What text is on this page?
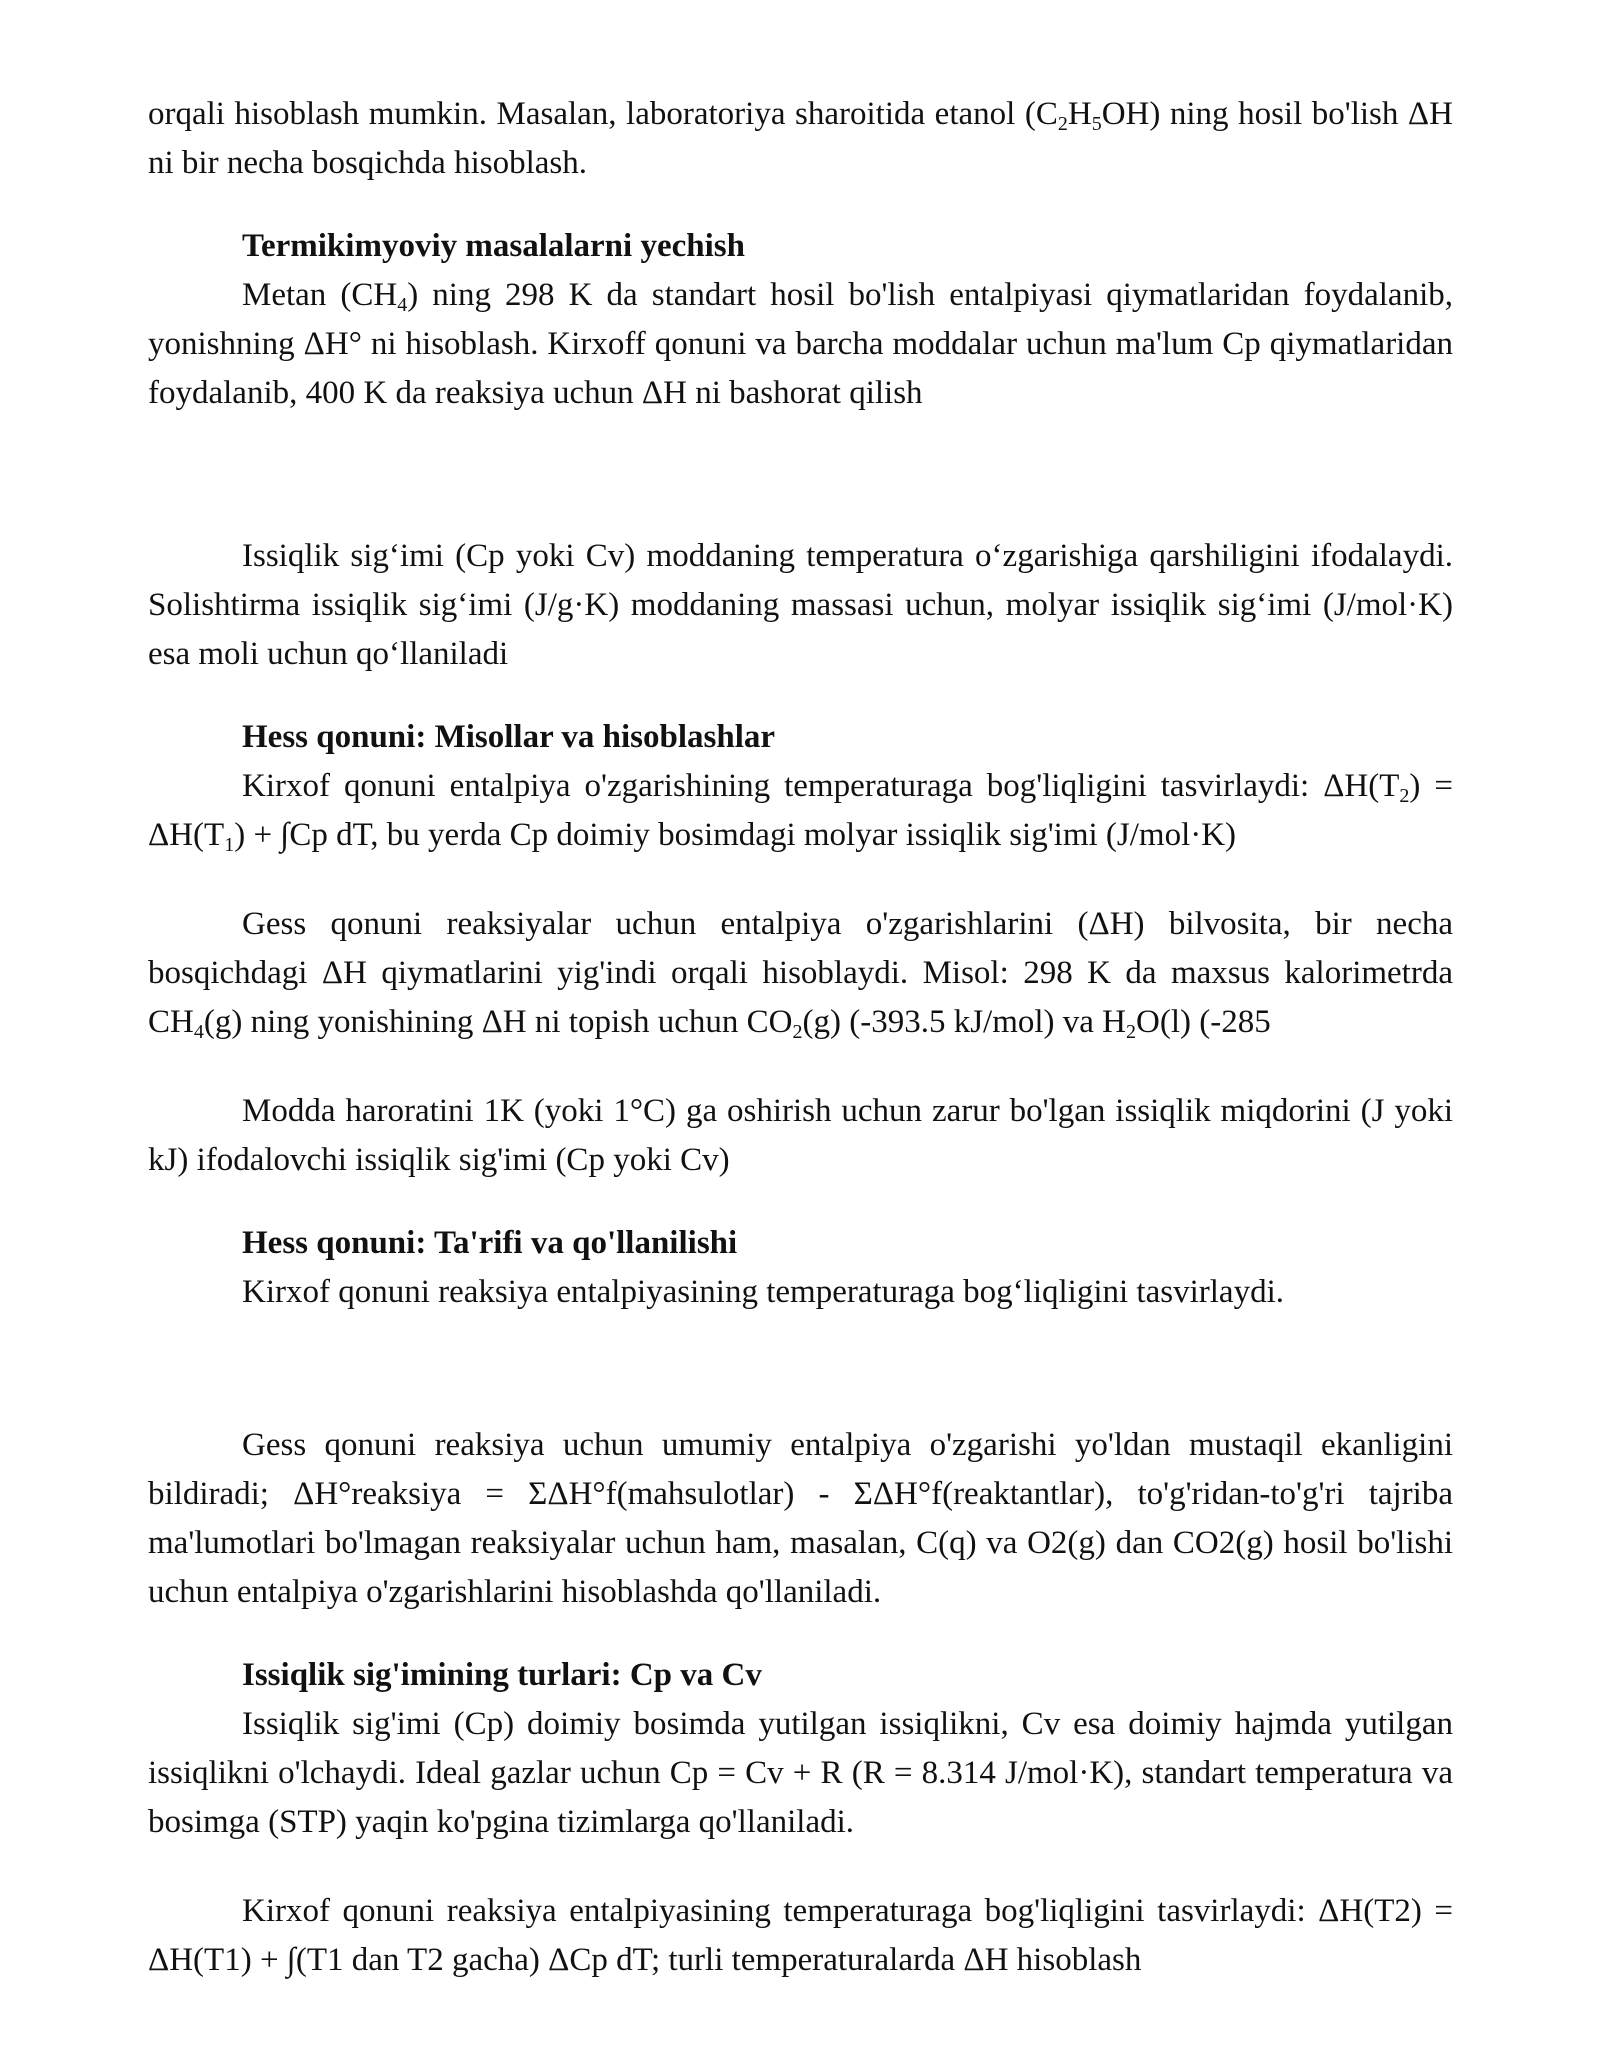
orqali hisoblash mumkin. Masalan, laboratoriya sharoitida etanol $(C_2H_5OH)$ ning hosil bo'lish ΔH ni bir necha bosqichda hisoblash.

Termikimyoviy masalalarni yechish

Metan $(CH_4)$ ning 298 K da standart hosil bo'lish entalpiyasi qiymatlaridan foydalanib, yonishning ΔH° ni hisoblash. Kirxoff qonuni va barcha moddalar uchun ma'lum Cp qiymatlaridan foydalanib, 400 K da reaksiya uchun ΔH ni bashorat qilish

Issiqlik sig‘imi (Cp yoki Cv) moddaning temperatura o‘zgarishiga qarshiligini ifodalaydi. Solishtirma issiqlik sig‘imi (J/g·K) moddaning massasi uchun, molyar issiqlik sig‘imi (J/mol·K) esa moli uchun qo‘llaniladi

Hess qonuni: Misollar va hisoblashlar

Kirxof qonuni entalpiya o'zgarishining temperaturaga bog'liqligini tasvirlaydi: $\Delta H(T_2) = \Delta H(T_1) + \int Cp$ dT, bu yerda Cp doimiy bosimdagi molyar issiqlik sig'imi (J/mol·K)

Gess qonuni reaksiyalar uchun entalpiya o'zgarishlarini (ΔH) bilvosita, bir necha bosqichdagi ΔH qiymatlarini yig'indi orqali hisoblaydi. Misol: 298 K da maxsus kalorimetrda $CH_4(g)$ ning yonishining ΔH ni topish uchun $CO_2(g)$ (-393.5 kJ/mol) va $H_2O(l)$ (-285

Modda haroratini 1K (yoki 1°C) ga oshirish uchun zarur bo'lgan issiqlik miqdorini (J yoki kJ) ifodalovchi issiqlik sig'imi (Cp yoki Cv)

Hess qonuni: Ta'rifi va qo'llanilishi

Kirxof qonuni reaksiya entalpiyasining temperaturaga bog‘liqligini tasvirlaydi.

Gess qonuni reaksiya uchun umumiy entalpiya o'zgarishi yo'ldan mustaqil ekanligini bildiradi; ΔH°reaksiya = ΣΔH°f(mahsulotlar) - ΣΔH°f(reaktantlar), to'g'ridan-to'g'ri tajriba ma'lumotlari bo'lmagan reaksiyalar uchun ham, masalan, C(q) va O2(g) dan CO2(g) hosil bo'lishi uchun entalpiya o'zgarishlarini hisoblashda qo'llaniladi.

Issiqlik sig'imining turlari: Cp va Cv

Issiqlik sig'imi (Cp) doimiy bosimda yutilgan issiqlikni, Cv esa doimiy hajmda yutilgan issiqlikni o'lchaydi. Ideal gazlar uchun Cp = Cv + R (R = 8.314 J/mol·K), standart temperatura va bosimga (STP) yaqin ko'pgina tizimlarga qo'llaniladi.

Kirxof qonuni reaksiya entalpiyasining temperaturaga bog'liqligini tasvirlaydi: ΔH(T2) = ΔH(T1) + ∫(T1 dan T2 gacha) ΔCp dT; turli temperaturalarda ΔH hisoblash
